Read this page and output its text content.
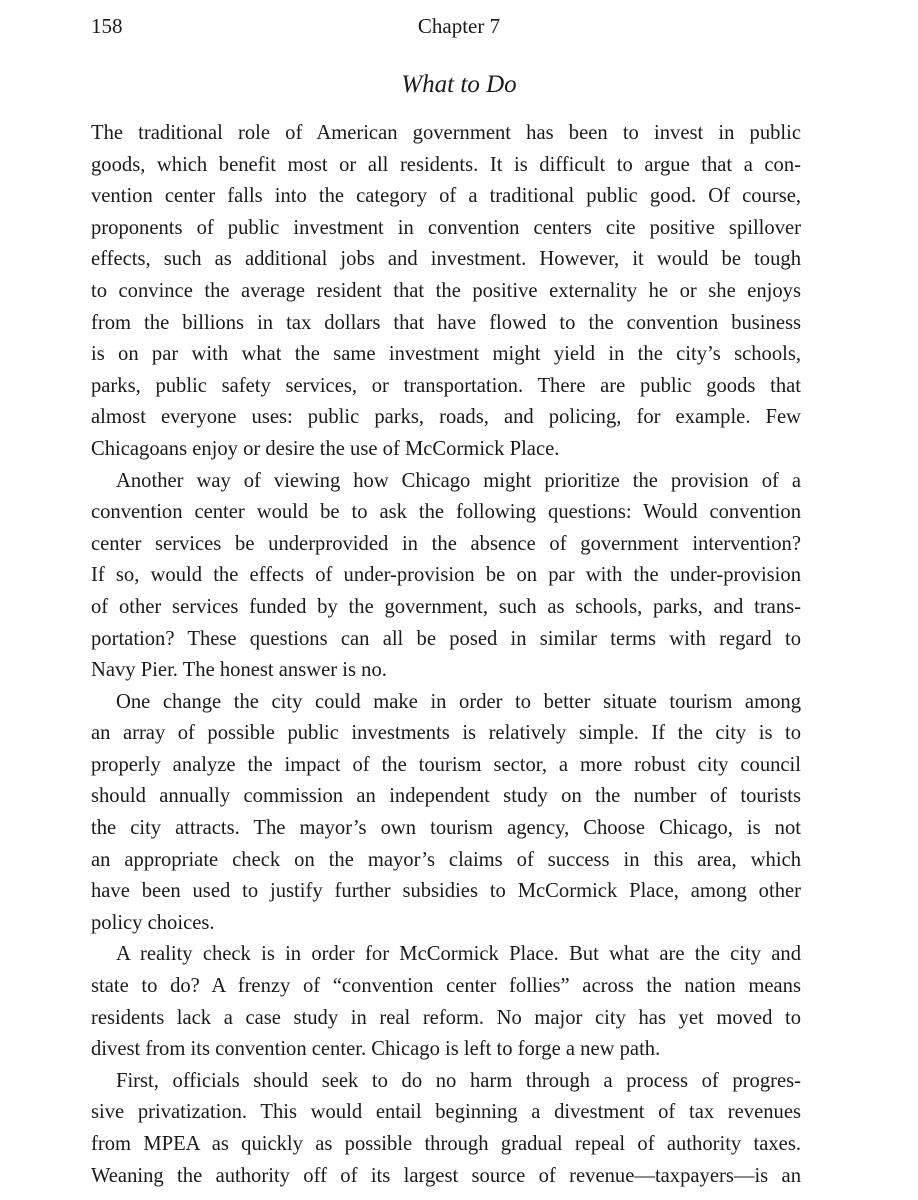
158	Chapter 7
What to Do

The traditional role of American government has been to invest in public
goods, which benefit most or all residents. It is difficult to argue that a con-
vention center falls into the category of a traditional public good. Of course,
proponents of public investment in convention centers cite positive spillover
effects, such as additional jobs and investment. However, it would be tough
to convince the average resident that the positive externality he or she enjoys
from the billions in tax dollars that have flowed to the convention business
is on par with what the same investment might yield in the city’s schools,
parks, public safety services, or transportation. There are public goods that
almost everyone uses: public parks, roads, and policing, for example. Few
Chicagoans enjoy or desire the use of McCormick Place.

Another way of viewing how Chicago might prioritize the provision of a
convention center would be to ask the following questions: Would convention
center services be underprovided in the absence of government intervention?
If so, would the effects of under-provision be on par with the under-provision
of other services funded by the government, such as schools, parks, and trans-
portation? These questions can all be posed in similar terms with regard to
Navy Pier. The honest answer is no.

One change the city could make in order to better situate tourism among
an array of possible public investments is relatively simple. If the city is to
properly analyze the impact of the tourism sector, a more robust city council
should annually commission an independent study on the number of tourists
the city attracts. The mayor’s own tourism agency, Choose Chicago, is not
an appropriate check on the mayor’s claims of success in this area, which
have been used to justify further subsidies to McCormick Place, among other
policy choices.

A reality check is in order for McCormick Place. But what are the city and
state to do? A frenzy of “convention center follies” across the nation means
residents lack a case study in real reform. No major city has yet moved to
divest from its convention center. Chicago is left to forge a new path.

First, officials should seek to do no harm through a process of progres-
sive privatization. This would entail beginning a divestment of tax revenues
from MPEA as quickly as possible through gradual repeal of authority taxes.
Weaning the authority off of its largest source of revenue—taxpayers—is an
